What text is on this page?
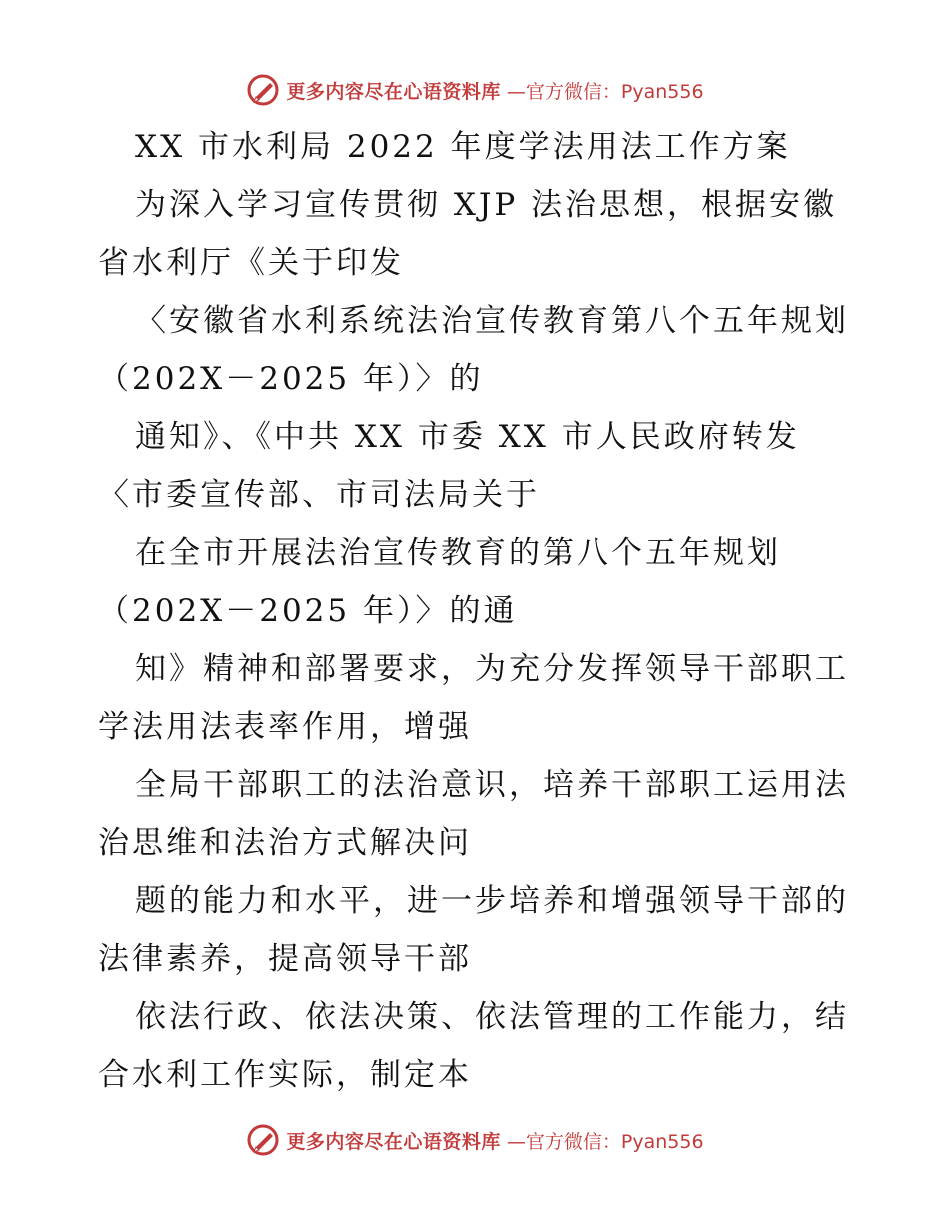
更多内容尽在心语资料库 —官方微信：Pyan556
XX 市水利局 2022 年度学法用法工作方案
为深入学习宣传贯彻 XJP 法治思想，根据安徽
省水利厅《关于印发
〈安徽省水利系统法治宣传教育第八个五年规划
（202X－2025 年）〉的
通知》、《中共 XX 市委 XX 市人民政府转发
〈市委宣传部、市司法局关于
在全市开展法治宣传教育的第八个五年规划
（202X－2025 年）〉的通
知》精神和部署要求，为充分发挥领导干部职工
学法用法表率作用，增强
全局干部职工的法治意识，培养干部职工运用法
治思维和法治方式解决问
题的能力和水平，进一步培养和增强领导干部的
法律素养，提高领导干部
依法行政、依法决策、依法管理的工作能力，结
合水利工作实际，制定本
更多内容尽在心语资料库 —官方微信：Pyan556
